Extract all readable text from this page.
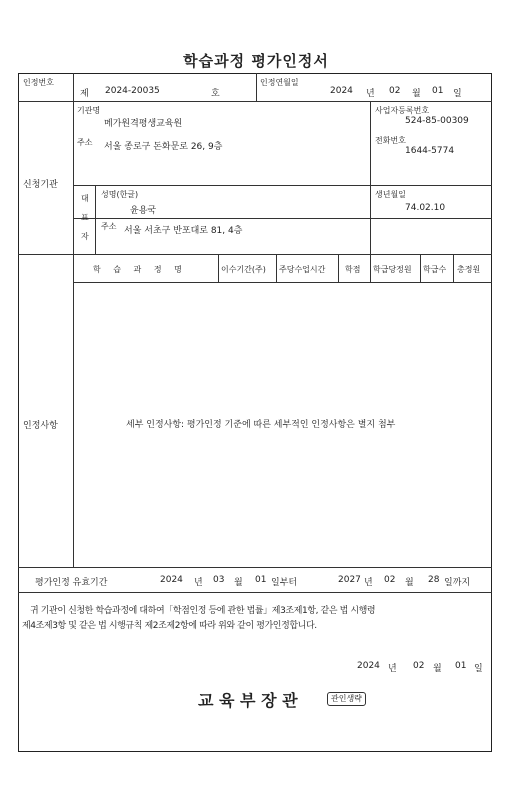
학습과정 평가인정서
인정번호
제 2024-20035	호
인정연월일
2024 년 02 월 01 일
신청기관
기관명
메가원격평생교육원
사업자등록번호
524-85-00309
주소 서울 종로구 돈화문로 26, 9층
전화번호
1644-5774
대
표
자
성명(한글)
윤용국
생년월일
74.02.10
주소 서울 서초구 반포대로 81, 4층
인정사항
학 습 과 정 명	이수기간(주) 주당수업시간 학점 학급당정원 학급수 총정원
세부 인정사항: 평가인정 기준에 따른 세부적인 인정사항은 별지 첨부
평가인정 유효기간	2024 년 03 월 01 일부터	2027 년 02 월 28 일까지
귀 기관이 신청한 학습과정에 대하여「학점인정 등에 관한 법률」제3조제1항, 같은 법 시행령
제4조제3항 및 같은 법 시행규칙 제2조제2항에 따라 위와 같이 평가인정합니다.
2024 년 02 월 01 일
교 육 부 장 관	관인생략
